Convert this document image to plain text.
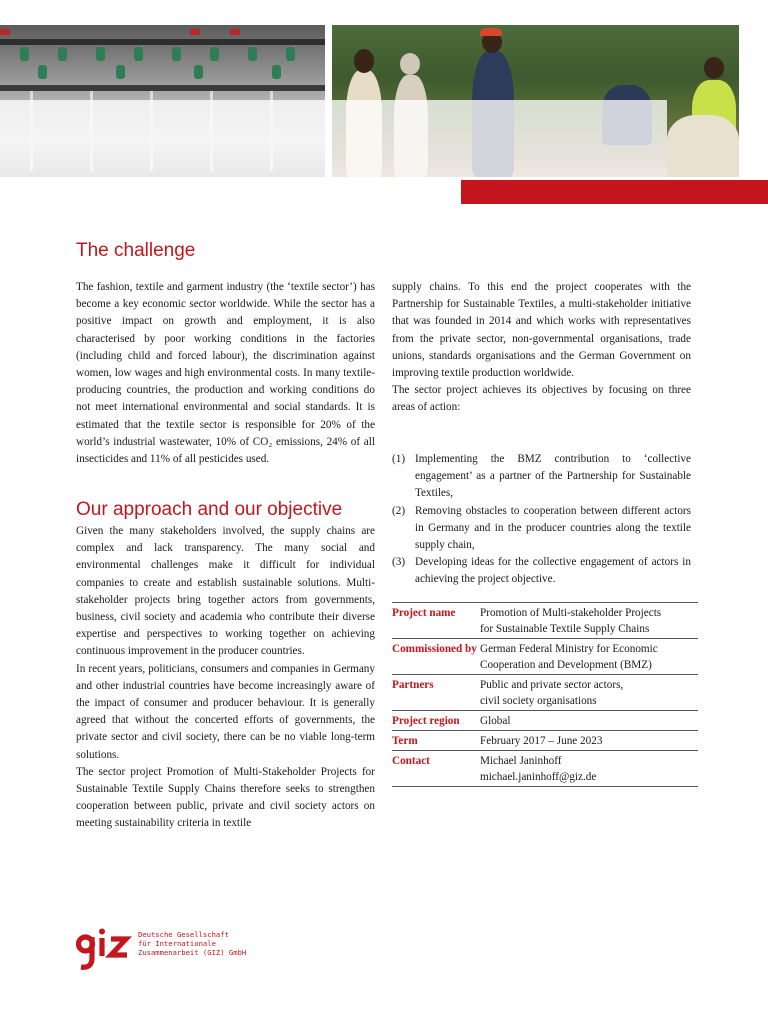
The challenge

The fashion, textile and garment industry (the ‘textile sector’) has become a key economic sector worldwide. While the sector has a positive impact on growth and employment, it is also characterised by poor working conditions in the factories (including child and forced labour), the discrimination against women, low wages and high environmental costs. In many textile-producing countries, the production and working conditions do not meet international environmental and social standards. It is estimated that the textile sector is responsible for 20% of the world’s industrial wastewater, 10% of CO₂ emissions, 24% of all insecticides and 11% of all pesticides used.

Our approach and our objective

Given the many stakeholders involved, the supply chains are complex and lack transparency. The many social and environmental challenges make it difficult for individual companies to create and establish sustainable solutions. Multi-stakeholder projects bring together actors from governments, business, civil society and academia who contribute their diverse expertise and perspectives to working together on achieving continuous improvement in the producer countries.

In recent years, politicians, consumers and companies in Germany and other industrial countries have become increasingly aware of the impact of consumer and producer behaviour. It is generally agreed that without the concerted efforts of governments, the private sector and civil society, there can be no viable long-term solutions.

The sector project Promotion of Multi-Stakeholder Projects for Sustainable Textile Supply Chains therefore seeks to strengthen cooperation between public, private and civil society actors on meeting sustainability criteria in textile

supply chains. To this end the project cooperates with the Partnership for Sustainable Textiles, a multi-stakeholder initiative that was founded in 2014 and which works with representatives from the private sector, non-governmental organisations, trade unions, standards organisations and the German Government on improving textile production worldwide.

The sector project achieves its objectives by focusing on three areas of action:

(1) Implementing the BMZ contribution to ‘collective engagement’ as a partner of the Partnership for Sustainable Textiles,
(2) Removing obstacles to cooperation between different actors in Germany and in the producer countries along the textile supply chain,
(3) Developing ideas for the collective engagement of actors in achieving the project objective.
Project name	Promotion of Multi-stakeholder Projects
for Sustainable Textile Supply Chains

Commissioned by	German Federal Ministry for Economic
Cooperation and Development (BMZ)

Partners	Public and private sector actors,
civil society organisations

Project region	Global

Term	February 2017 – June 2023

Contact	Michael Janinhoff
michael.janinhoff@giz.de
Deutsche Gesellschaft
für Internationale
Zusammenarbeit (GIZ) GmbH
